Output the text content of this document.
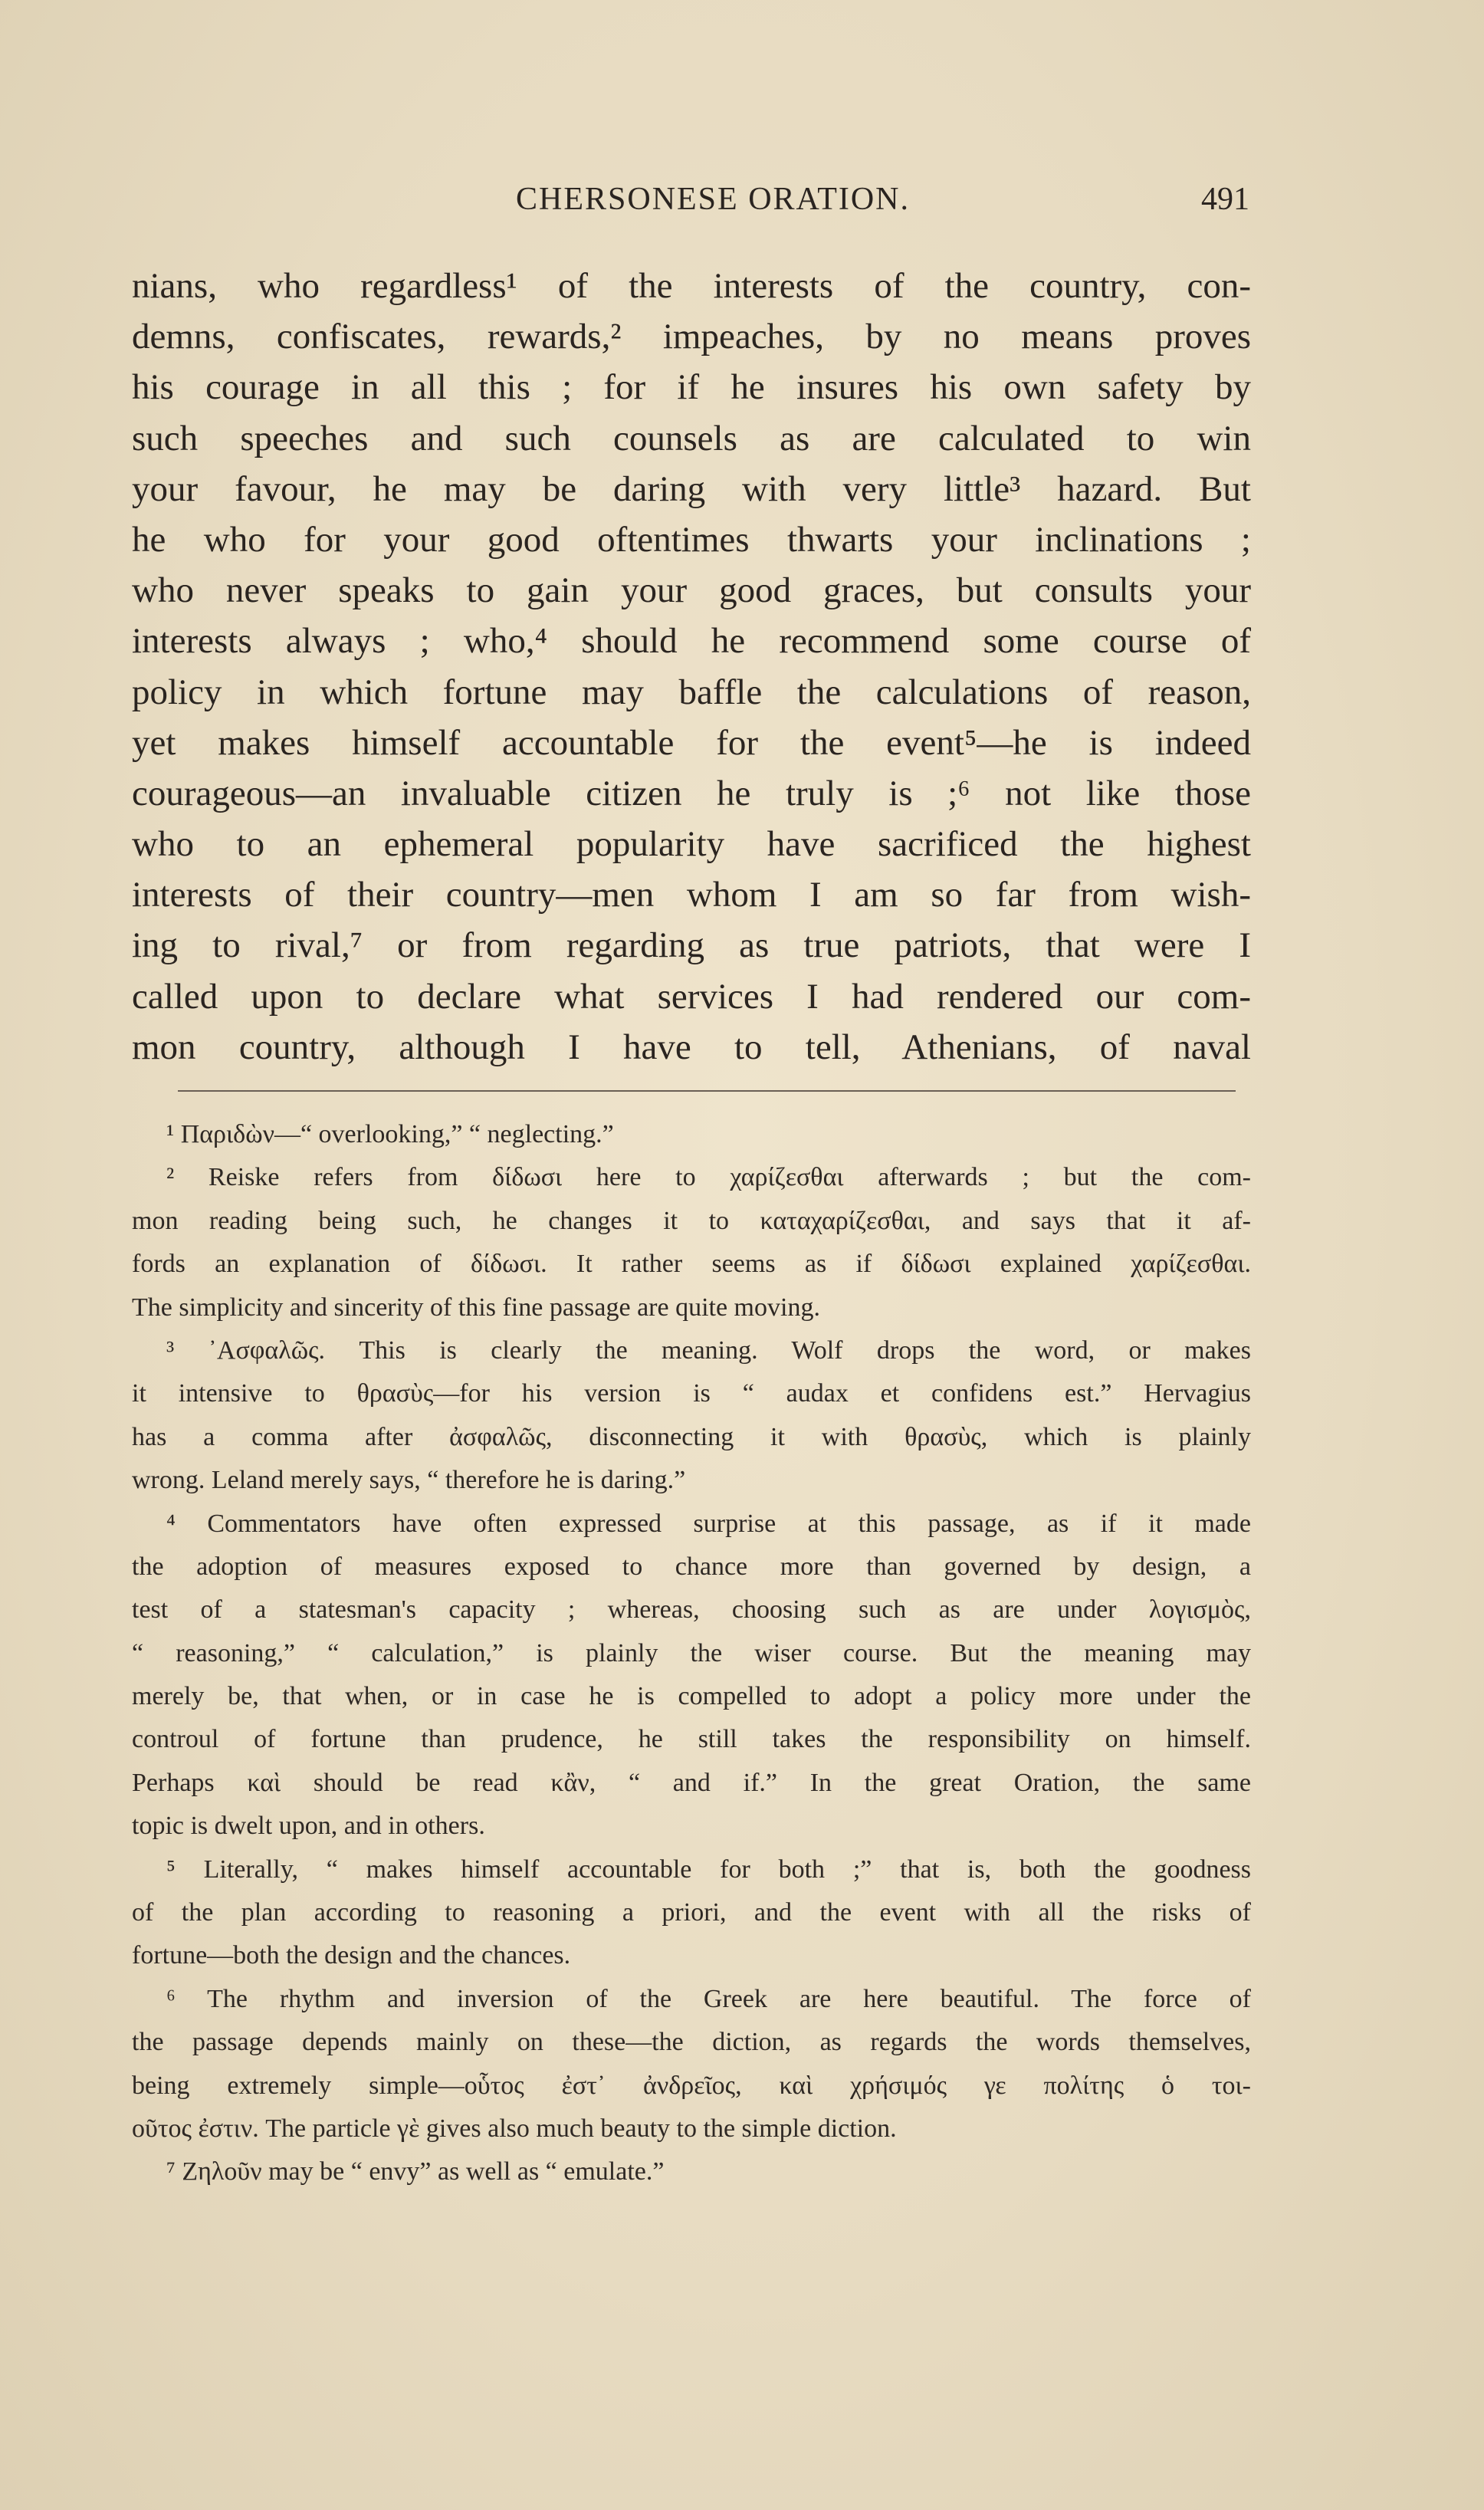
CHERSONESE ORATION.	491
nians, who regardless¹ of the interests of the country, con-
demns, confiscates, rewards,² impeaches, by no means proves
his courage in all this ; for if he insures his own safety by
such speeches and such counsels as are calculated to win
your favour, he may be daring with very little³ hazard. But
he who for your good oftentimes thwarts your inclinations ;
who never speaks to gain your good graces, but consults your
interests always ; who,⁴ should he recommend some course of
policy in which fortune may baffle the calculations of reason,
yet makes himself accountable for the event⁵—he is indeed
courageous—an invaluable citizen he truly is ;⁶ not like those
who to an ephemeral popularity have sacrificed the highest
interests of their country—men whom I am so far from wish-
ing to rival,⁷ or from regarding as true patriots, that were I
called upon to declare what services I had rendered our com-
mon country, although I have to tell, Athenians, of naval
¹ Παριδὼν—“ overlooking,” “ neglecting.”
² Reiske refers from δίδωσι here to χαρίζεσθαι afterwards ; but the com-
mon reading being such, he changes it to καταχαρίζεσθαι, and says that it af-
fords an explanation of δίδωσι. It rather seems as if δίδωσι explained χαρίζεσθαι.
The simplicity and sincerity of this fine passage are quite moving.
³ ᾿Ασφαλῶς. This is clearly the meaning. Wolf drops the word, or makes
it intensive to θρασὺς—for his version is “ audax et confidens est.” Hervagius
has a comma after ἀσφαλῶς, disconnecting it with θρασὺς, which is plainly
wrong. Leland merely says, “ therefore he is daring.”
⁴ Commentators have often expressed surprise at this passage, as if it made
the adoption of measures exposed to chance more than governed by design, a
test of a statesman's capacity ; whereas, choosing such as are under λογισμὸς,
“ reasoning,” “ calculation,” is plainly the wiser course. But the meaning may
merely be, that when, or in case he is compelled to adopt a policy more under the
controul of fortune than prudence, he still takes the responsibility on himself.
Perhaps καὶ should be read κἂν, “ and if.” In the great Oration, the same
topic is dwelt upon, and in others.
⁵ Literally, “ makes himself accountable for both ;” that is, both the goodness
of the plan according to reasoning a priori, and the event with all the risks of
fortune—both the design and the chances.
⁶ The rhythm and inversion of the Greek are here beautiful. The force of
the passage depends mainly on these—the diction, as regards the words themselves,
being extremely simple—οὗτος ἐστ᾿ ἀνδρεῖος, καὶ χρήσιμός γε πολίτης ὁ τοι-
οῦτος ἐστιν. The particle γὲ gives also much beauty to the simple diction.
⁷ Ζηλοῦν may be “ envy” as well as “ emulate.”
